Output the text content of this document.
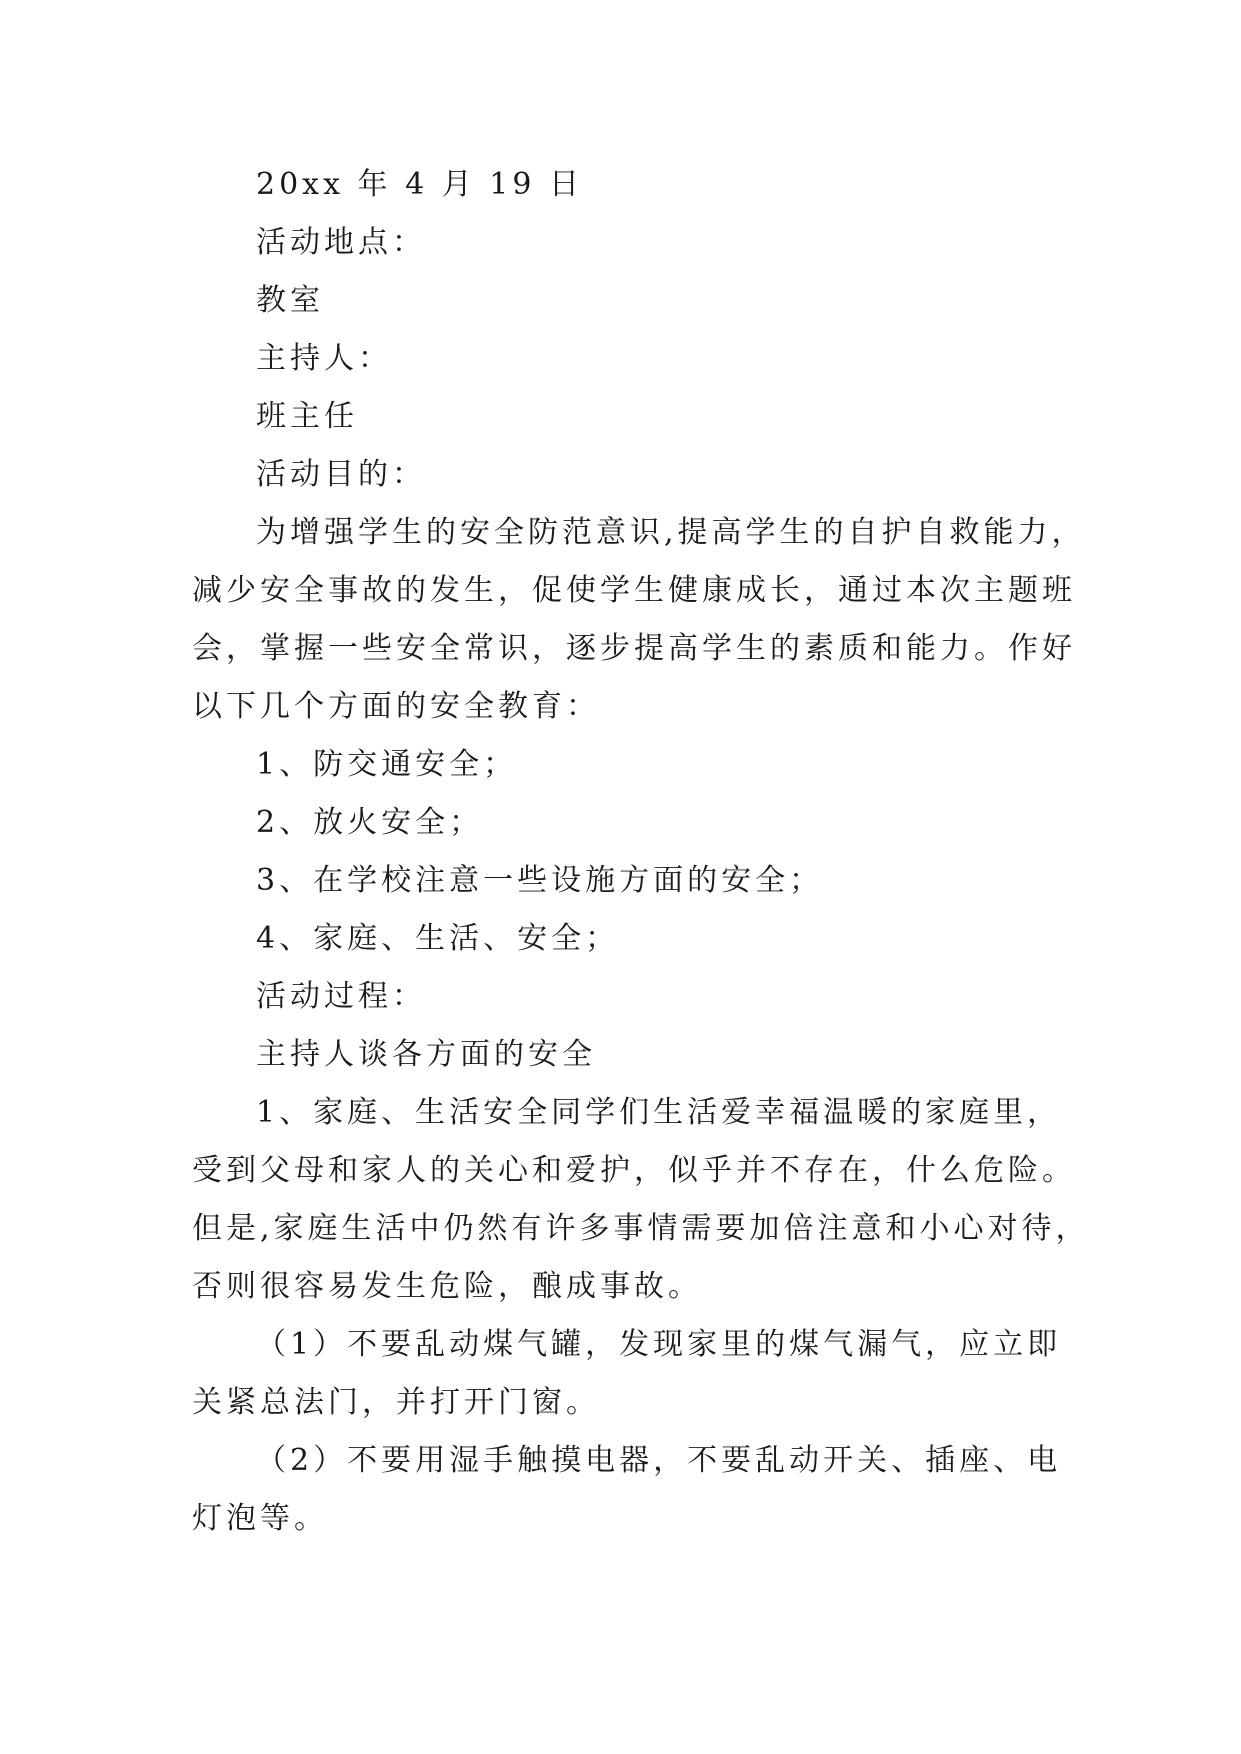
20xx 年 4 月 19 日
活动地点：
教室
主持人：
班主任
活动目的：
为增强学生的安全防范意识,提高学生的自护自救能力，
减少安全事故的发生，促使学生健康成长，通过本次主题班
会，掌握一些安全常识，逐步提高学生的素质和能力。作好
以下几个方面的安全教育：
1、防交通安全；
2、放火安全；
3、在学校注意一些设施方面的安全；
4、家庭、生活、安全；
活动过程：
主持人谈各方面的安全
1、家庭、生活安全同学们生活爱幸福温暖的家庭里，
受到父母和家人的关心和爱护，似乎并不存在，什么危险。
但是,家庭生活中仍然有许多事情需要加倍注意和小心对待，
否则很容易发生危险，酿成事故。
（1）不要乱动煤气罐，发现家里的煤气漏气，应立即
关紧总法门，并打开门窗。
（2）不要用湿手触摸电器，不要乱动开关、插座、电
灯泡等。
